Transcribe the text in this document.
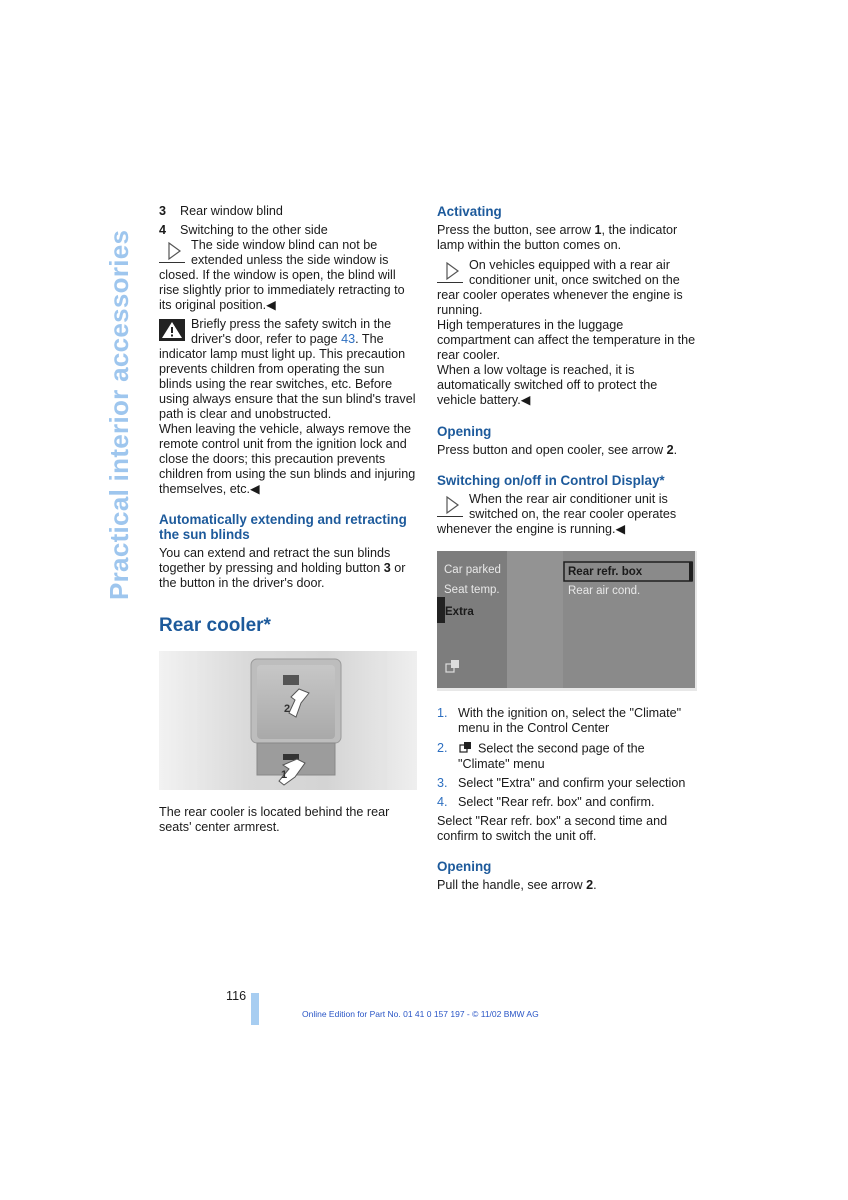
Practical interior accessories
3	Rear window blind
4	Switching to the other side

The side window blind can not be extended unless the side window is closed. If the window is open, the blind will rise slightly prior to immediately retracting to its original position.◀

Briefly press the safety switch in the driver's door, refer to page 43. The indicator lamp must light up. This precaution prevents children from operating the sun blinds using the rear switches, etc. Before using always ensure that the sun blind's travel path is clear and unobstructed.

When leaving the vehicle, always remove the remote control unit from the ignition lock and close the doors; this precaution prevents children from using the sun blinds and injuring themselves, etc.◀

Automatically extending and retracting the sun blinds

You can extend and retract the sun blinds together by pressing and holding button 3 or the button in the driver's door.

Rear cooler*
2
1

The rear cooler is located behind the rear seats' center armrest.

Activating

Press the button, see arrow 1, the indicator lamp within the button comes on.

On vehicles equipped with a rear air conditioner unit, once switched on the rear cooler operates whenever the engine is running.

High temperatures in the luggage compartment can affect the temperature in the rear cooler.

When a low voltage is reached, it is automatically switched off to protect the vehicle battery.◀

Opening

Press button and open cooler, see arrow 2.

Switching on/off in Control Display*

When the rear air conditioner unit is switched on, the rear cooler operates whenever the engine is running.◀

Car parked
Seat temp.
Extra
Rear refr. box
Rear air cond.
1. With the ignition on, select the "Climate" menu in the Control Center
2.	Select the second page of the "Climate" menu
3. Select "Extra" and confirm your selection
4. Select "Rear refr. box" and confirm.

Select "Rear refr. box" a second time and confirm to switch the unit off.

Opening

Pull the handle, see arrow 2.

116
Online Edition for Part No. 01 41 0 157 197 - © 11/02 BMW AG
